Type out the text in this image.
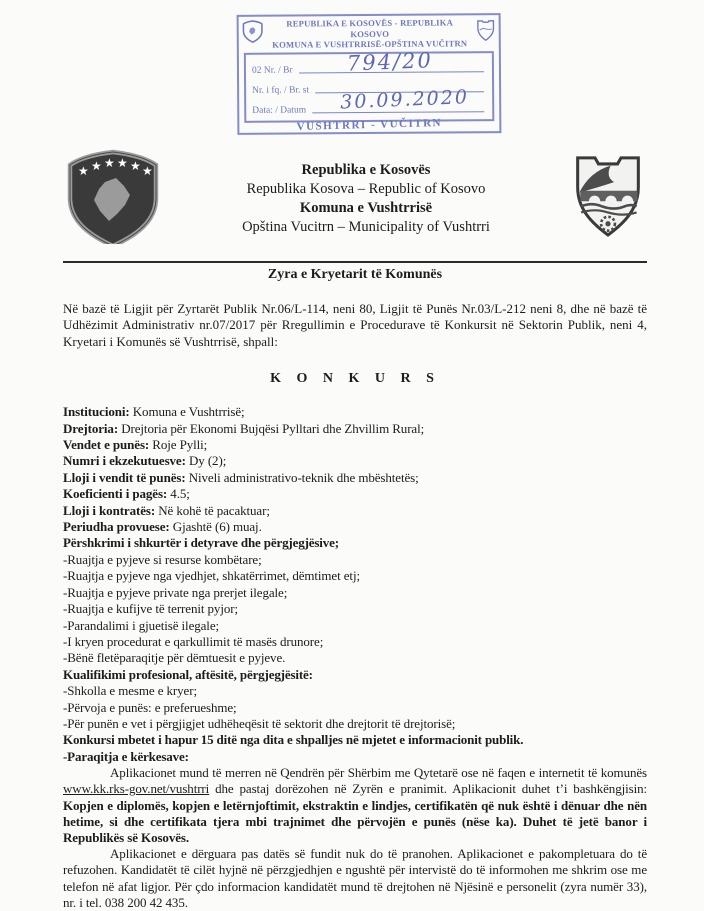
REPUBLIKA E KOSOVËS - REPUBLIKA KOSOVO
KOMUNA E VUSHTRRISË-OPŠTINA VUČITRN
02 Nr. / Br	794/20
Nr. i fq. / Br. st
Data: / Datum 30.09.2020
VUSHTRRI - VUČITRN
★ ★ ★ ★ ★ ★	Republika e Kosovës
Republika Kosova – Republic of Kosovo
Komuna e Vushtrrisë
Opština Vucitrn – Municipality of Vushtrri
Zyra e Kryetarit të Komunës

Në bazë të Ligjit për Zyrtarët Publik Nr.06/L-114, neni 80, Ligjit të Punës Nr.03/L-212 neni 8, dhe në bazë të Udhëzimit Administrativ nr.07/2017 për Rregullimin e Procedurave të Konkursit në Sektorin Publik, neni 4, Kryetari i Komunës së Vushtrrisë, shpall:

K O N K U R S
Institucioni: Komuna e Vushtrrisë;
Drejtoria: Drejtoria për Ekonomi Bujqësi Pylltari dhe Zhvillim Rural;
Vendet e punës: Roje Pylli;
Numri i ekzekutuesve: Dy (2);
Lloji i vendit të punës: Niveli administrativo-teknik dhe mbështetës;
Koeficienti i pagës: 4.5;
Lloji i kontratës: Në kohë të pacaktuar;
Periudha provuese: Gjashtë (6) muaj.
Përshkrimi i shkurtër i detyrave dhe përgjegjësive;
-Ruajtja e pyjeve si resurse kombëtare;
-Ruajtja e pyjeve nga vjedhjet, shkatërrimet, dëmtimet etj;
-Ruajtja e pyjeve private nga prerjet ilegale;
-Ruajtja e kufijve të terrenit pyjor;
-Parandalimi i gjuetisë ilegale;
-I kryen procedurat e qarkullimit të masës drunore;
-Bënë fletëparaqitje për dëmtuesit e pyjeve.
Kualifikimi profesional, aftësitë, përgjegjësitë:
-Shkolla e mesme e kryer;
-Përvoja e punës: e preferueshme;
-Për punën e vet i përgjigjet udhëheqësit të sektorit dhe drejtorit të drejtorisë;
Konkursi mbetet i hapur 15 ditë nga dita e shpalljes në mjetet e informacionit publik.
-Paraqitja e kërkesave:

Aplikacionet mund të merren në Qendrën për Shërbim me Qytetarë ose në faqen e internetit të komunës www.kk.rks-gov.net/vushtrri dhe pastaj dorëzohen në Zyrën e pranimit. Aplikacionit duhet t’i bashkëngjisin: Kopjen e diplomës, kopjen e letërnjoftimit, ekstraktin e lindjes, certifikatën që nuk është i dënuar dhe nën hetime, si dhe certifikata tjera mbi trajnimet dhe përvojën e punës (nëse ka). Duhet të jetë banor i Republikës së Kosovës.

Aplikacionet e dërguara pas datës së fundit nuk do të pranohen. Aplikacionet e pakompletuara do të refuzohen. Kandidatët të cilët hyjnë në përzgjedhjen e ngushtë për intervistë do të informohen me shkrim ose me telefon në afat ligjor. Për çdo informacion kandidatët mund të drejtohen në Njësinë e personelit (zyra numër 33), nr. i tel. 038 200 42 435.
